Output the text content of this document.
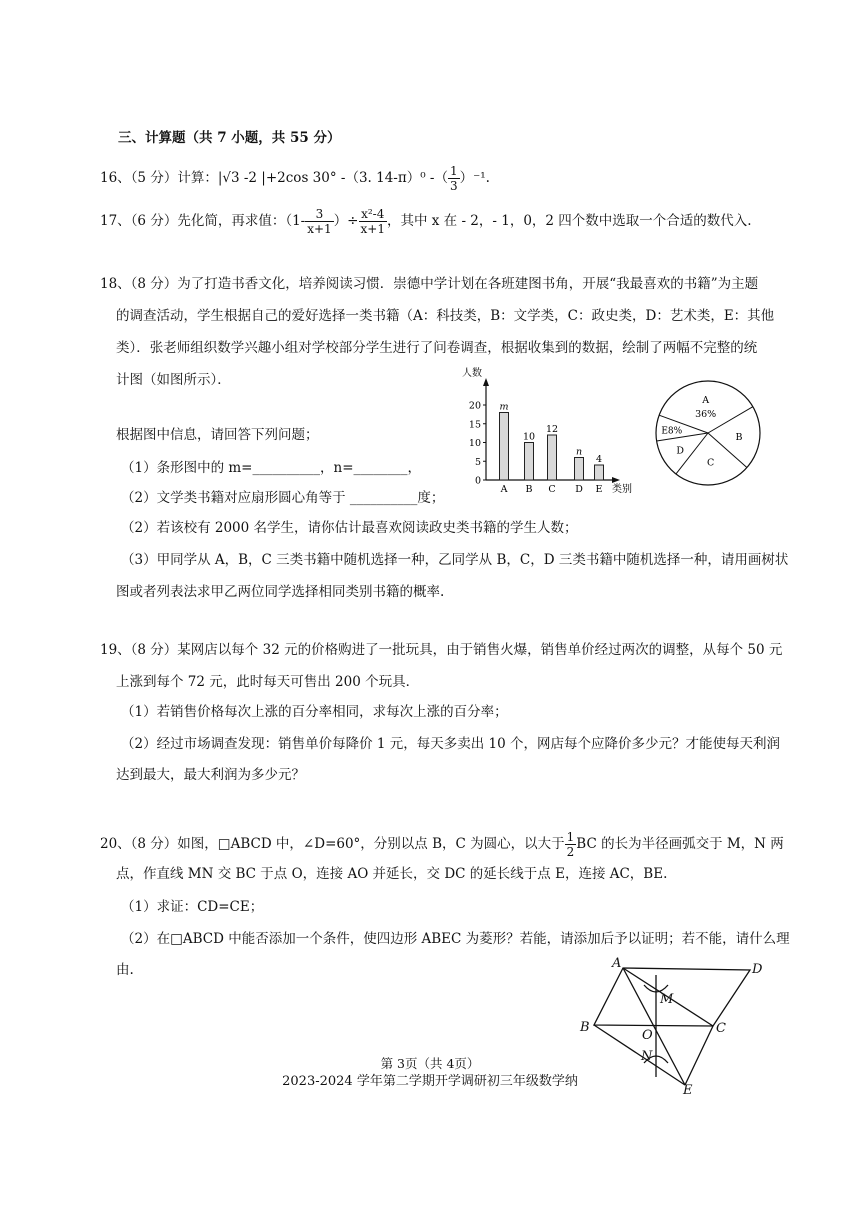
三、计算题（共 7 小题，共 55 分）
16、（5 分）计算：|√3 -2 |+2cos 30° -（3. 14-π）⁰ -（ $\frac{1}{3} )^{-1}$.
17、（6 分）先化简，再求值：（$1- \frac{3}{x+1}$ ）÷ $\frac{\text{x²-4}}{x+1}$ ，其中 x 在 - 2，- 1，0，2 四个数中选取一个合适的数代入.
18、（8 分）为了打造书香文化，培养阅读习惯．崇德中学计划在各班建图书角，开展“我最喜欢的书籍”为主题
的调查活动，学生根据自己的爱好选择一类书籍（A：科技类，B：文学类，C：政史类，D：艺术类，E：其他
类）．张老师组织数学兴趣小组对学校部分学生进行了问卷调查，根据收集到的数据，绘制了两幅不完整的统
计图（如图所示）．
根据图中信息，请回答下列问题；
（1）条形图中的 m=__________，n=________，
（2）文学类书籍对应扇形圆心角等于 __________度；
（2）若该校有 2000 名学生，请你估计最喜欢阅读政史类书籍的学生人数；
（3）甲同学从 A，B，C 三类书籍中随机选择一种，乙同学从 B，C，D 三类书籍中随机选择一种，请用画树状
图或者列表法求甲乙两位同学选择相同类别书籍的概率.
人数
类别
0
5
10
15
20 m
A
10
B
12
C
n
D
4
E
A
36%
B
C
D
E8%
19、（8 分）某网店以每个 32 元的价格购进了一批玩具，由于销售火爆，销售单价经过两次的调整，从每个 50 元
上涨到每个 72 元，此时每天可售出 200 个玩具．
（1）若销售价格每次上涨的百分率相同，求每次上涨的百分率；
（2）经过市场调查发现：销售单价每降价 1 元，每天多卖出 10 个，网店每个应降价多少元？才能使每天利润
达到最大，最大利润为多少元？
20、（8 分）如图，□ABCD 中，∠D=60°，分别以点 B，C 为圆心，以大于 $\frac{1}{2}$ BC 的长为半径画弧交于 M，N 两
点，作直线 MN 交 BC 于点 O，连接 AO 并延长，交 DC 的延长线于点 E，连接 AC，BE.
（1）求证：CD=CE；
（2）在□ABCD 中能否添加一个条件，使四边形 ABEC 为菱形？若能，请添加后予以证明；若不能，请什么理
由.	A	D
M
B
O	C
N
E
第 3页（共 4页）
2023-2024 学年第二学期开学调研初三年级数学纳
